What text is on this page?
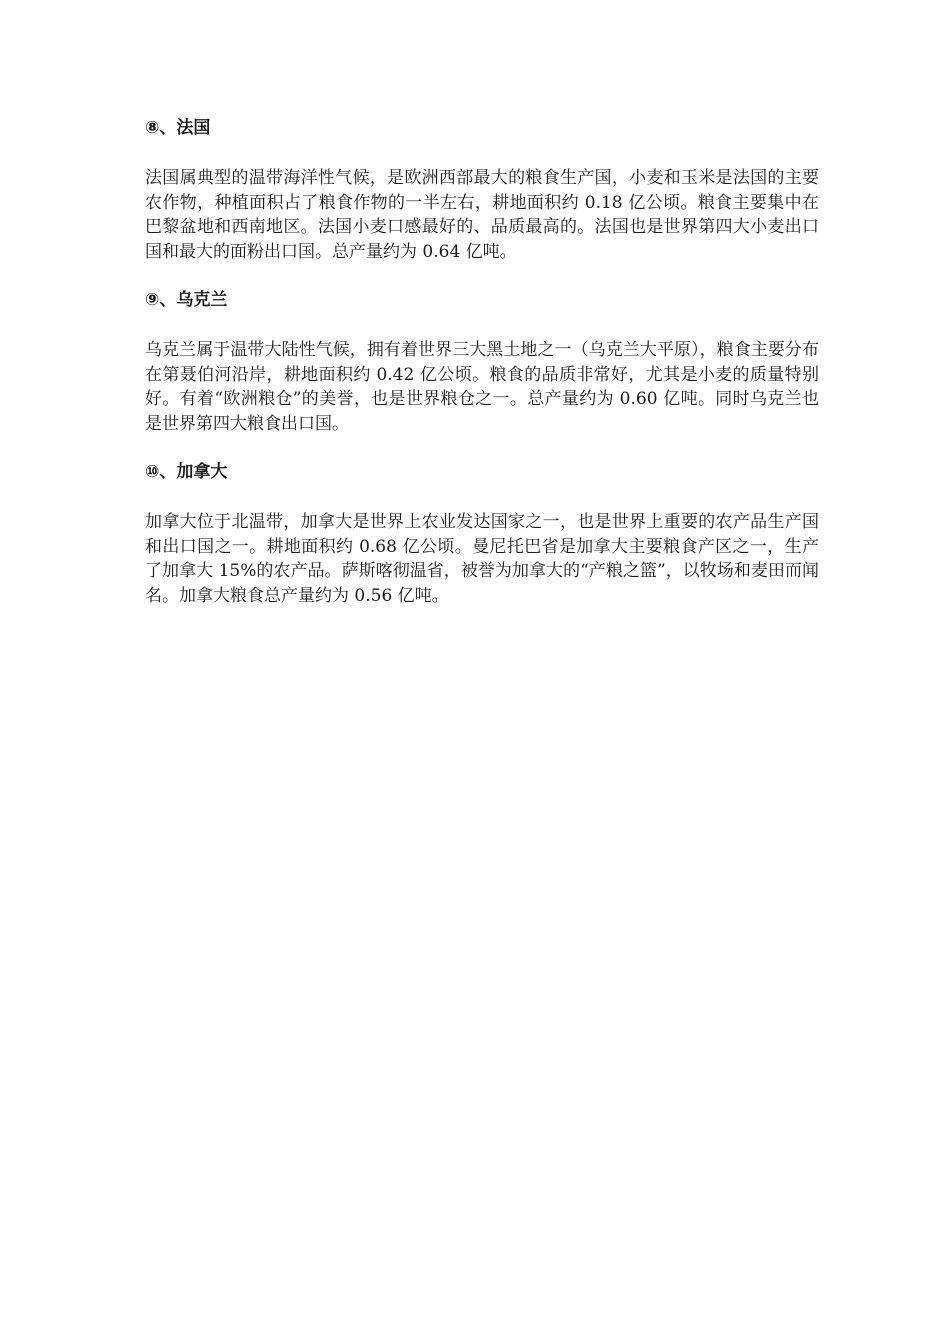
⑧、法国

法国属典型的温带海洋性气候，是欧洲西部最大的粮食生产国，小麦和玉米是法国的主要农作物，种植面积占了粮食作物的一半左右，耕地面积约 0.18 亿公顷。粮食主要集中在巴黎盆地和西南地区。法国小麦口感最好的、品质最高的。法国也是世界第四大小麦出口国和最大的面粉出口国。总产量约为 0.64 亿吨。

⑨、乌克兰

乌克兰属于温带大陆性气候，拥有着世界三大黑土地之一（乌克兰大平原），粮食主要分布在第聂伯河沿岸，耕地面积约 0.42 亿公顷。粮食的品质非常好，尤其是小麦的质量特别好。有着“欧洲粮仓”的美誉，也是世界粮仓之一。总产量约为 0.60 亿吨。同时乌克兰也是世界第四大粮食出口国。

⑩、加拿大

加拿大位于北温带，加拿大是世界上农业发达国家之一，也是世界上重要的农产品生产国和出口国之一。耕地面积约 0.68 亿公顷。曼尼托巴省是加拿大主要粮食产区之一，生产了加拿大 15%的农产品。萨斯喀彻温省，被誉为加拿大的“产粮之篮”，以牧场和麦田而闻名。加拿大粮食总产量约为 0.56 亿吨。
